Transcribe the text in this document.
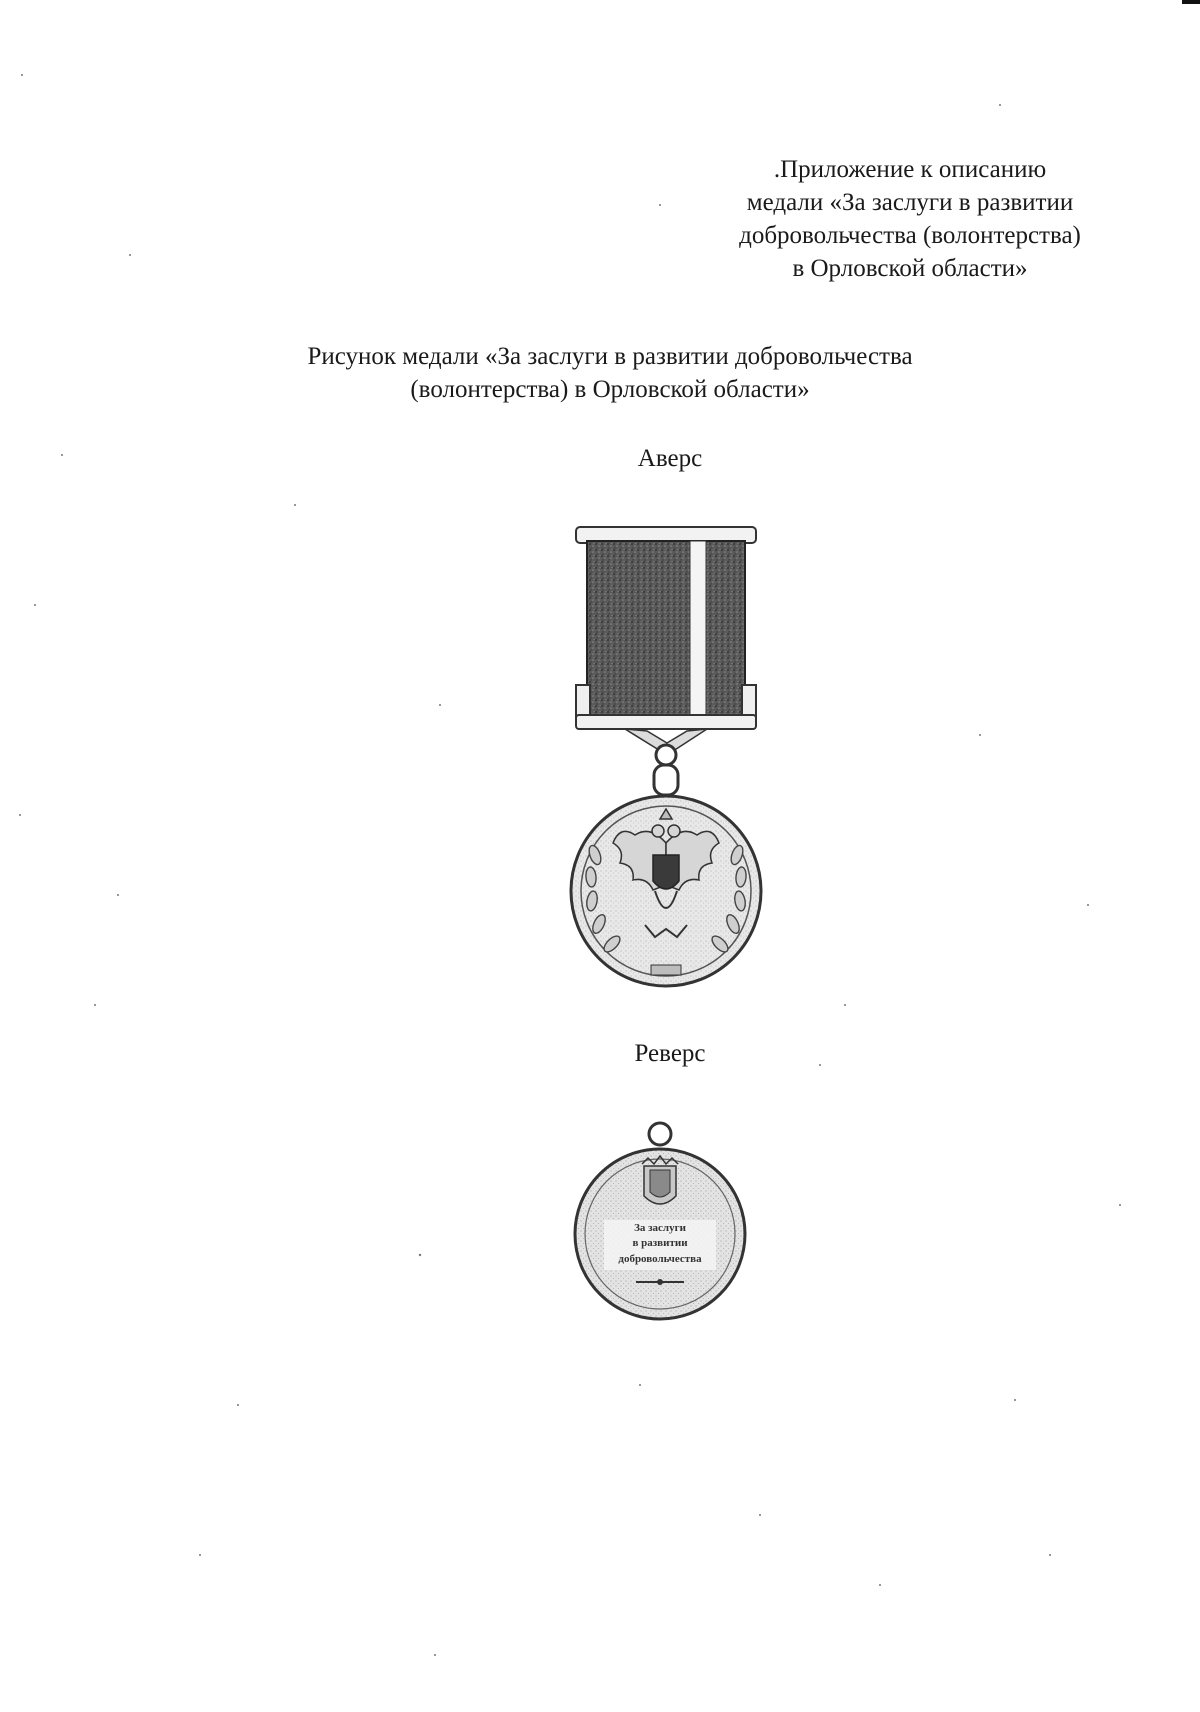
.Приложение к описанию
медали «За заслуги в развитии
добровольчества (волонтерства)
в Орловской области»
Рисунок медали «За заслуги в развитии добровольчества
(волонтерства) в Орловской области»
Аверс
Реверс
За заслуги
в развитии
добровольчества
